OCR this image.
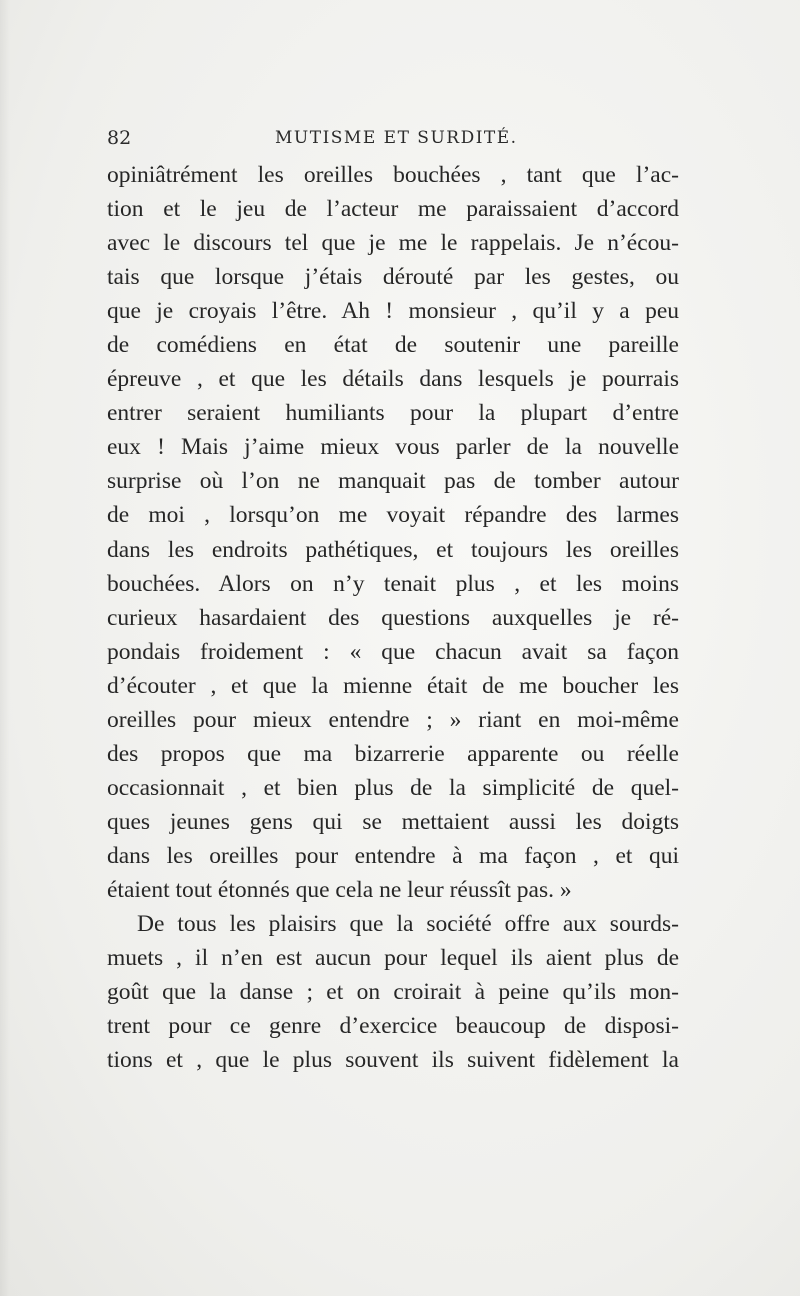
82	MUTISME ET SURDITÉ.
opiniâtrément les oreilles bouchées , tant que l’ac-
tion et le jeu de l’acteur me paraissaient d’accord
avec le discours tel que je me le rappelais. Je n’écou-
tais que lorsque j’étais dérouté par les gestes, ou
que je croyais l’être. Ah ! monsieur , qu’il y a peu
de comédiens en état de soutenir une pareille
épreuve , et que les détails dans lesquels je pourrais
entrer seraient humiliants pour la plupart d’entre
eux ! Mais j’aime mieux vous parler de la nouvelle
surprise où l’on ne manquait pas de tomber autour
de moi , lorsqu’on me voyait répandre des larmes
dans les endroits pathétiques, et toujours les oreilles
bouchées. Alors on n’y tenait plus , et les moins
curieux hasardaient des questions auxquelles je ré-
pondais froidement : « que chacun avait sa façon
d’écouter , et que la mienne était de me boucher les
oreilles pour mieux entendre ; » riant en moi-même
des propos que ma bizarrerie apparente ou réelle
occasionnait , et bien plus de la simplicité de quel-
ques jeunes gens qui se mettaient aussi les doigts
dans les oreilles pour entendre à ma façon , et qui
étaient tout étonnés que cela ne leur réussît pas. »
De tous les plaisirs que la société offre aux sourds-
muets , il n’en est aucun pour lequel ils aient plus de
goût que la danse ; et on croirait à peine qu’ils mon-
trent pour ce genre d’exercice beaucoup de disposi-
tions et , que le plus souvent ils suivent fidèlement la
